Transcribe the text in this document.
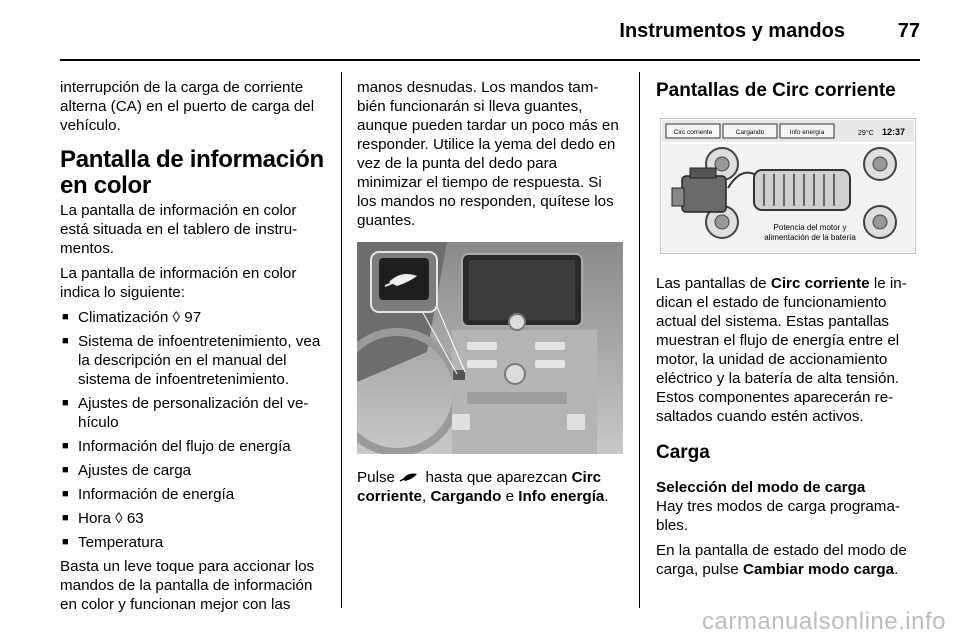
Instrumentos y mandos	77

interrupción de la carga de corriente alterna (CA) en el puerto de carga del vehículo.

Pantalla de información en color

La pantalla de información en color está situada en el tablero de instru-mentos.

La pantalla de información en color indica lo siguiente:

■ Climatización ◊ 97
■ Sistema de infoentretenimiento, vea la descripción en el manual del sistema de infoentretenimiento.
■ Ajustes de personalización del ve-hículo
■ Información del flujo de energía
■ Ajustes de carga
■ Información de energía
■ Hora ◊ 63
■ Temperatura

Basta un leve toque para accionar los mandos de la pantalla de información en color y funcionan mejor con las

manos desnudas. Los mandos tam-bién funcionarán si lleva guantes, aunque pueden tardar un poco más en responder. Utilice la yema del dedo en vez de la punta del dedo para minimizar el tiempo de respuesta. Si los mandos no responden, quítese los guantes.

Pulse hasta que aparezcan Circ corriente, Cargando e Info energía.

Pantallas de Circ corriente
Circ corriente	Cargando	Info energía	29°C 12:37
Potencia del motor y
alimentación de la batería

Las pantallas de Circ corriente le in-dican el estado de funcionamiento actual del sistema. Estas pantallas muestran el flujo de energía entre el motor, la unidad de accionamiento eléctrico y la batería de alta tensión. Estos componentes aparecerán re-saltados cuando estén activos.

Carga
Selección del modo de carga

Hay tres modos de carga programa-bles.

En la pantalla de estado del modo de carga, pulse Cambiar modo carga.

carmanualsonline.info
